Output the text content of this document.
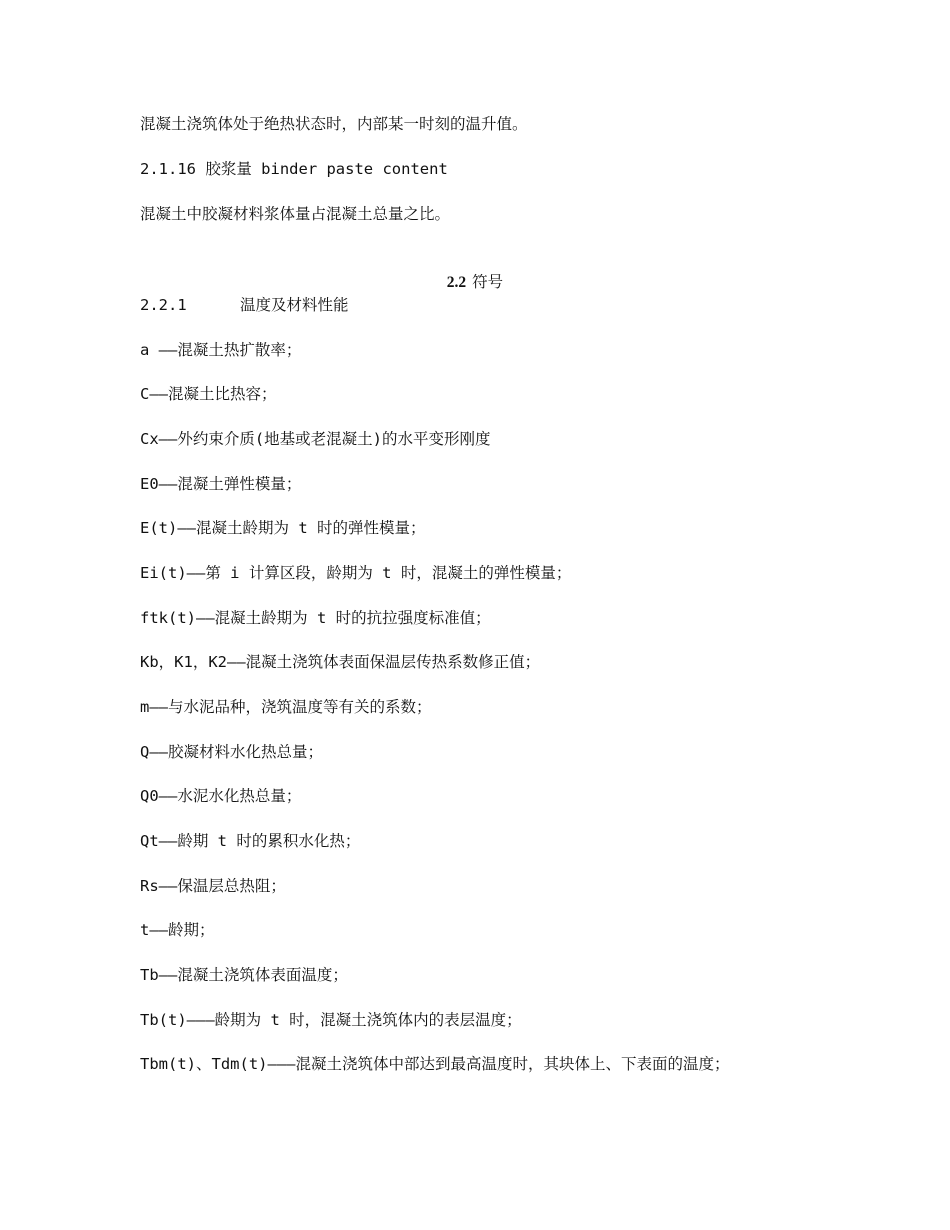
混凝土浇筑体处于绝热状态时，内部某一时刻的温升值。
2.1.16 胶浆量 binder paste content
混凝土中胶凝材料浆体量占混凝土总量之比。
2.2 符号
2.2.1	温度及材料性能
a ——混凝土热扩散率；
C——混凝土比热容；
Cx——外约束介质(地基或老混凝土)的水平变形刚度
E0——混凝土弹性模量；
E(t)——混凝土龄期为 t 时的弹性模量；
Ei(t)——第 i 计算区段，龄期为 t 时，混凝土的弹性模量；
ftk(t)——混凝土龄期为 t 时的抗拉强度标准值；
Kb，K1，K2——混凝土浇筑体表面保温层传热系数修正值；
m——与水泥品种，浇筑温度等有关的系数；
Q——胶凝材料水化热总量；
Q0——水泥水化热总量；
Qt——龄期 t 时的累积水化热；
Rs——保温层总热阻；
t——龄期；
Tb——混凝土浇筑体表面温度；
Tb(t)———龄期为 t 时，混凝土浇筑体内的表层温度；
Tbm(t)、Tdm(t)———混凝土浇筑体中部达到最高温度时，其块体上、下表面的温度；
